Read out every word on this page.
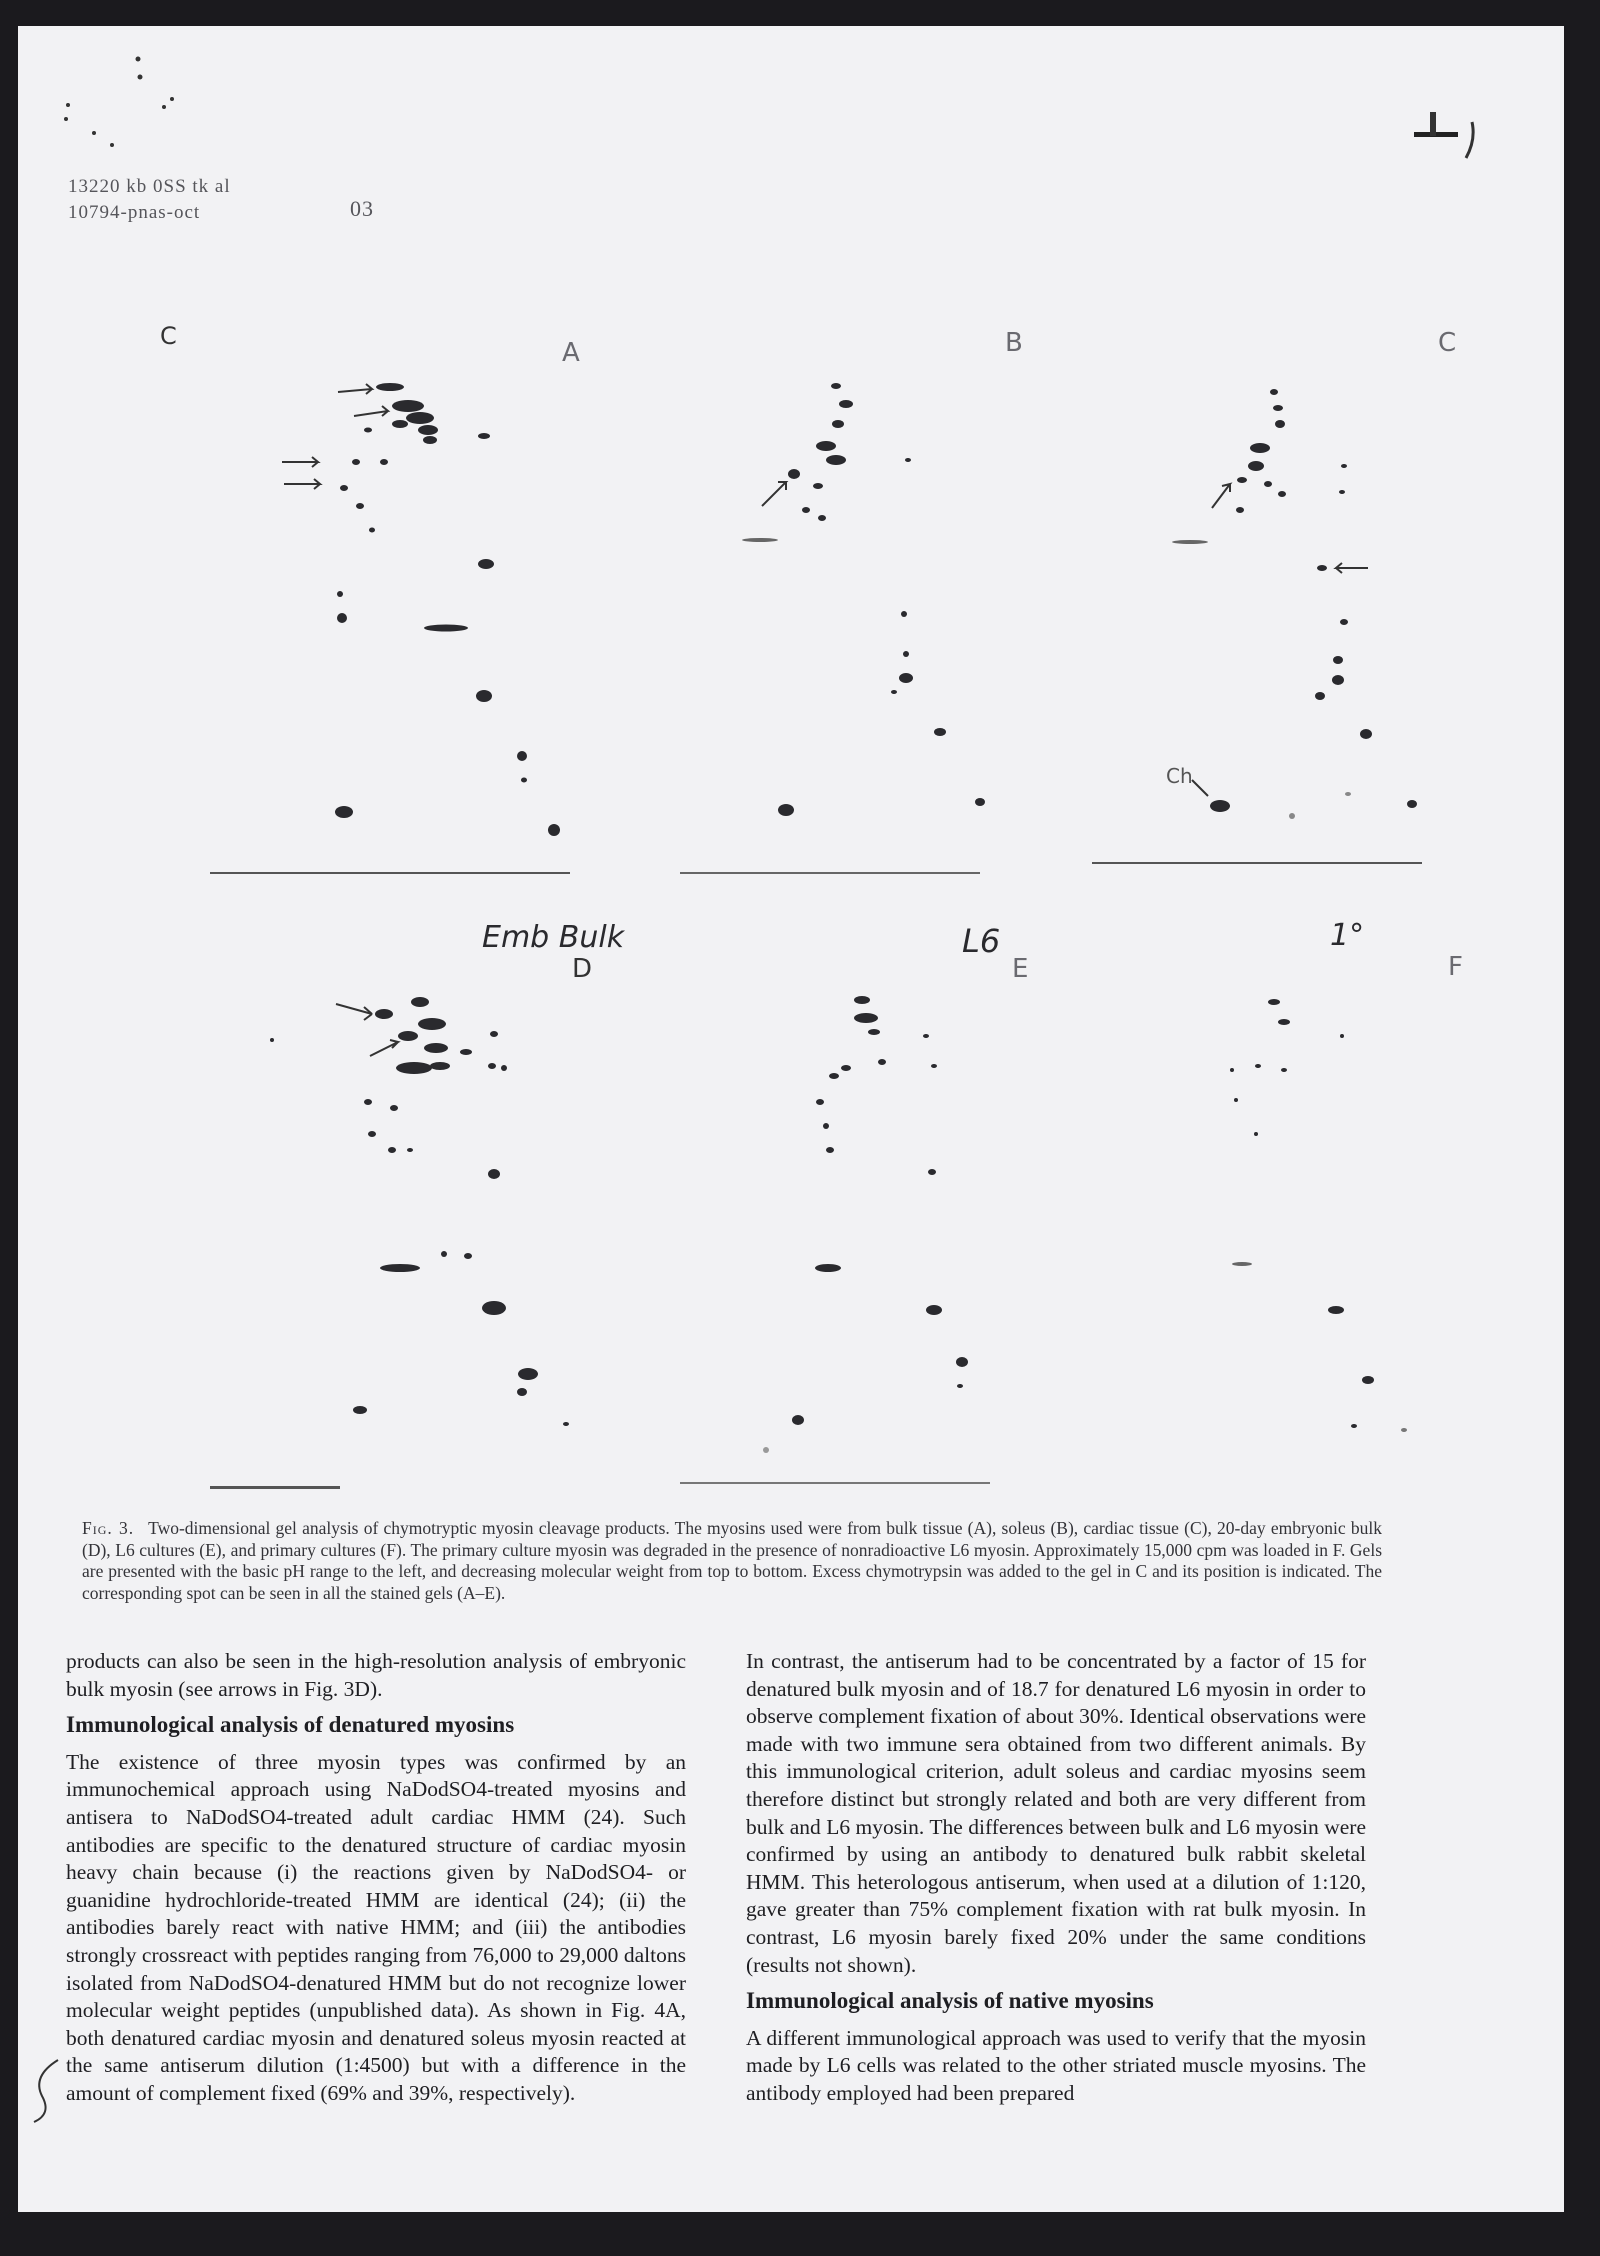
13220 kb 0SS tk al
10794-pnas-oct	03
C
A	B	C
D	E	F
Emb Bulk	L6	1°
Ch
Fig. 3. Two-dimensional gel analysis of chymotryptic myosin cleavage products. The myosins used were from bulk tissue (A), soleus (B), cardiac tissue (C), 20-day embryonic bulk (D), L6 cultures (E), and primary cultures (F). The primary culture myosin was degraded in the presence of nonradioactive L6 myosin. Approximately 15,000 cpm was loaded in F. Gels are presented with the basic pH range to the left, and decreasing molecular weight from top to bottom. Excess chymotrypsin was added to the gel in C and its position is indicated. The corresponding spot can be seen in all the stained gels (A–E).

products can also be seen in the high-resolution analysis of embryonic bulk myosin (see arrows in Fig. 3D).

Immunological analysis of denatured myosins

The existence of three myosin types was confirmed by an immunochemical approach using NaDodSO4-treated myosins and antisera to NaDodSO4-treated adult cardiac HMM (24). Such antibodies are specific to the denatured structure of cardiac myosin heavy chain because (i) the reactions given by NaDodSO4- or guanidine hydrochloride-treated HMM are identical (24); (ii) the antibodies barely react with native HMM; and (iii) the antibodies strongly crossreact with peptides ranging from 76,000 to 29,000 daltons isolated from NaDodSO4-denatured HMM but do not recognize lower molecular weight peptides (unpublished data). As shown in Fig. 4A, both denatured cardiac myosin and denatured soleus myosin reacted at the same antiserum dilution (1:4500) but with a difference in the amount of complement fixed (69% and 39%, respectively).

In contrast, the antiserum had to be concentrated by a factor of 15 for denatured bulk myosin and of 18.7 for denatured L6 myosin in order to observe complement fixation of about 30%. Identical observations were made with two immune sera obtained from two different animals. By this immunological criterion, adult soleus and cardiac myosins seem therefore distinct but strongly related and both are very different from bulk and L6 myosin. The differences between bulk and L6 myosin were confirmed by using an antibody to denatured bulk rabbit skeletal HMM. This heterologous antiserum, when used at a dilution of 1:120, gave greater than 75% complement fixation with rat bulk myosin. In contrast, L6 myosin barely fixed 20% under the same conditions (results not shown).

Immunological analysis of native myosins

A different immunological approach was used to verify that the myosin made by L6 cells was related to the other striated muscle myosins. The antibody employed had been prepared
